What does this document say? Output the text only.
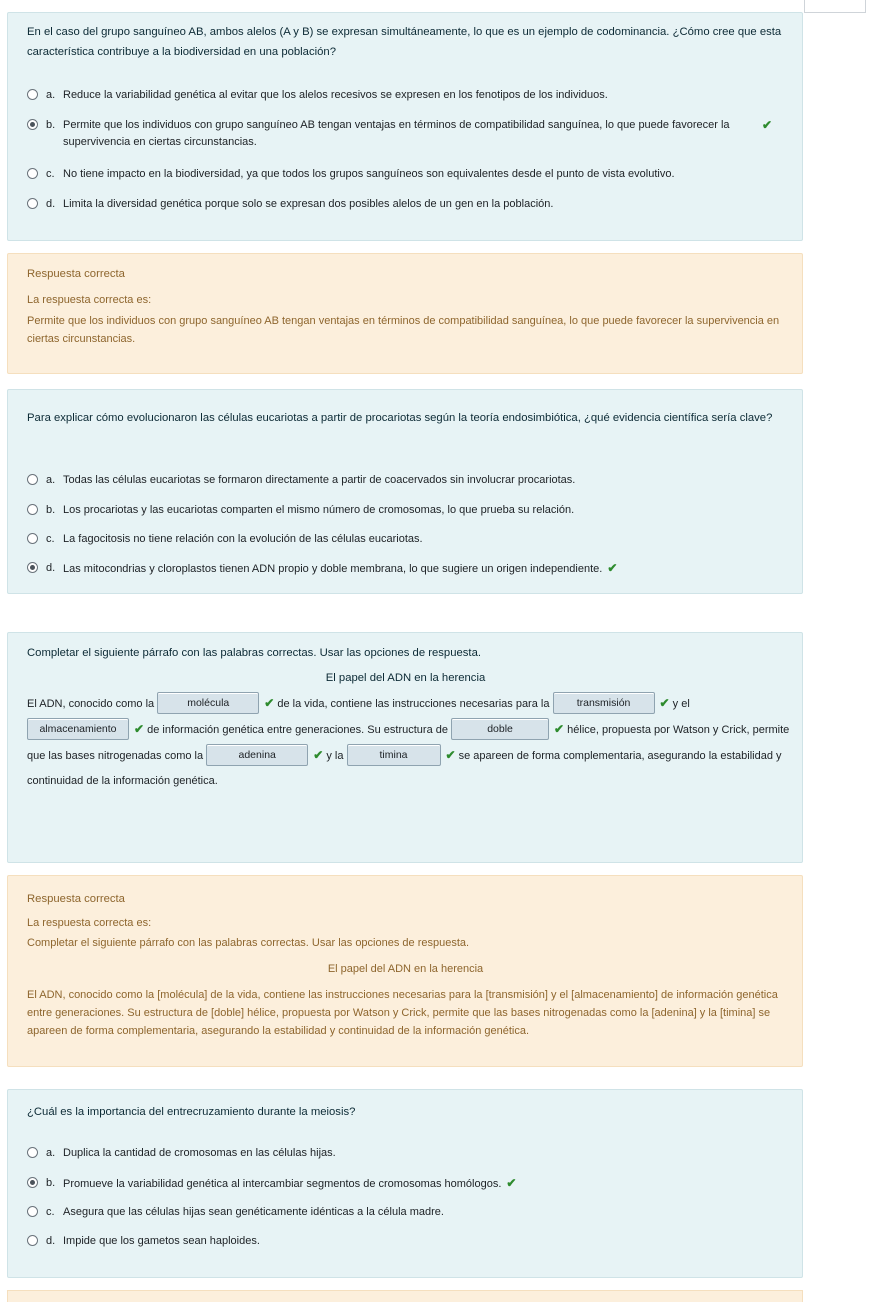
En el caso del grupo sanguíneo AB, ambos alelos (A y B) se expresan simultáneamente, lo que es un ejemplo de codominancia. ¿Cómo cree que esta característica contribuye a la biodiversidad en una población?
a. Reduce la variabilidad genética al evitar que los alelos recesivos se expresen en los fenotipos de los individuos.
b. Permite que los individuos con grupo sanguíneo AB tengan ventajas en términos de compatibilidad sanguínea, lo que puede favorecer la supervivencia en ciertas circunstancias.
✔
c. No tiene impacto en la biodiversidad, ya que todos los grupos sanguíneos son equivalentes desde el punto de vista evolutivo.
d. Limita la diversidad genética porque solo se expresan dos posibles alelos de un gen en la población.
Respuesta correcta
La respuesta correcta es:
Permite que los individuos con grupo sanguíneo AB tengan ventajas en términos de compatibilidad sanguínea, lo que puede favorecer la supervivencia en ciertas circunstancias.
Para explicar cómo evolucionaron las células eucariotas a partir de procariotas según la teoría endosimbiótica, ¿qué evidencia científica sería clave?
a. Todas las células eucariotas se formaron directamente a partir de coacervados sin involucrar procariotas.
b. Los procariotas y las eucariotas comparten el mismo número de cromosomas, lo que prueba su relación.
c. La fagocitosis no tiene relación con la evolución de las células eucariotas.
d. Las mitocondrias y cloroplastos tienen ADN propio y doble membrana, lo que sugiere un origen independiente. ✔
Completar el siguiente párrafo con las palabras correctas. Usar las opciones de respuesta.
El papel del ADN en la herencia
El ADN, conocido como la	molécula	✔ de la vida, contiene las instrucciones necesarias para la	transmisión ✔ y el almacenamiento ✔ de información genética entre generaciones. Su estructura de	doble	✔ hélice, propuesta por Watson y Crick, permite que las bases nitrogenadas como la	adenina	✔ y la	timina	✔ se apareen de forma complementaria, asegurando la estabilidad y continuidad de la información genética.
Respuesta correcta
La respuesta correcta es:
Completar el siguiente párrafo con las palabras correctas. Usar las opciones de respuesta.
El papel del ADN en la herencia
El ADN, conocido como la [molécula] de la vida, contiene las instrucciones necesarias para la [transmisión] y el [almacenamiento] de información genética entre generaciones. Su estructura de [doble] hélice, propuesta por Watson y Crick, permite que las bases nitrogenadas como la [adenina] y la [timina] se apareen de forma complementaria, asegurando la estabilidad y continuidad de la información genética.
¿Cuál es la importancia del entrecruzamiento durante la meiosis?
a. Duplica la cantidad de cromosomas en las células hijas.
b. Promueve la variabilidad genética al intercambiar segmentos de cromosomas homólogos. ✔
c. Asegura que las células hijas sean genéticamente idénticas a la célula madre.
d. Impide que los gametos sean haploides.
